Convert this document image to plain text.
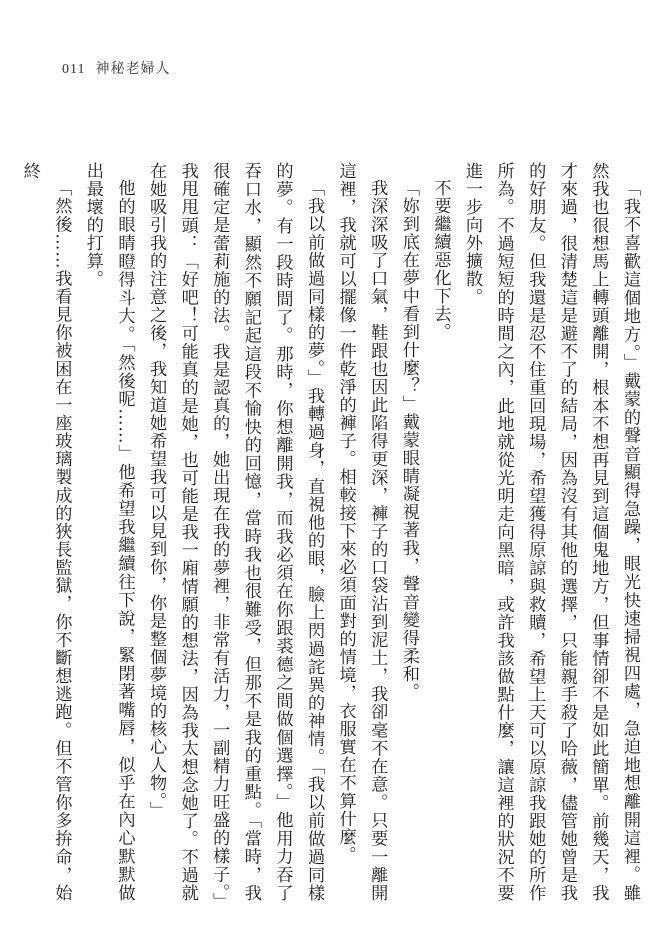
011 神秘老婦人

「我不喜歡這個地方。」戴蒙的聲音顯得急躁，眼光快速掃視四處，急迫地想離開這裡。雖然我也很想馬上轉頭離開，根本不想再見到這個鬼地方，但事情卻不是如此簡單。前幾天，我才來過，很清楚這是避不了的結局，因為沒有其他的選擇，只能親手殺了哈薇，儘管她曾是我的好朋友。但我還是忍不住重回現場，希望獲得原諒與救贖，希望上天可以原諒我跟她的所作所為。不過短短的時間之內，此地就從光明走向黑暗，或許我該做點什麼，讓這裡的狀況不要進一步向外擴散。

不要繼續惡化下去。

「妳到底在夢中看到什麼？」戴蒙眼睛凝視著我，聲音變得柔和。

我深深吸了口氣，鞋跟也因此陷得更深，褲子的口袋沾到泥土，我卻毫不在意。只要一離開這裡，我就可以擺像一件乾淨的褲子。相較接下來必須面對的情境，衣服實在不算什麼。

「我以前做過同樣的夢。」我轉過身，直視他的眼，臉上閃過詫異的神情。「我以前做過同樣的夢。有一段時間了。那時，你想離開我，而我必須在你跟裘德之間做個選擇。」他用力吞了吞口水，顯然不願記起這段不愉快的回憶，當時我也很難受，但那不是我的重點。「當時，我很確定是蕾莉施的法。我是認真的，她出現在我的夢裡，非常有活力，一副精力旺盛的樣子。」我甩甩頭：「好吧！可能真的是她，也可能是我一廂情願的想法，因為我太想念她了。不過就在她吸引我的注意之後，我知道她希望我可以見到你，你是整個夢境的核心人物。」

他的眼睛瞪得斗大。「然後呢……」他希望我繼續往下說，緊閉著嘴唇，似乎在內心默默做出最壞的打算。

「然後……我看見你被困在一座玻璃製成的狹長監獄，你不斷想逃跑。但不管你多拚命，始終
